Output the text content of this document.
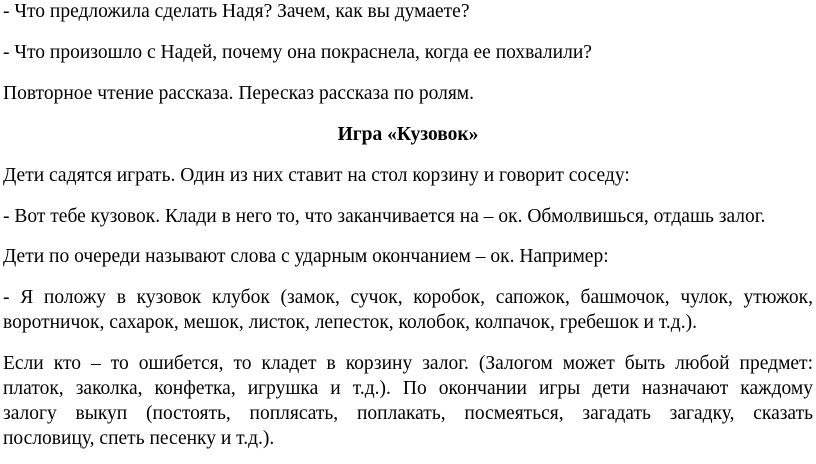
- Что предложила сделать Надя? Зачем, как вы думаете?

- Что произошло с Надей, почему она покраснела, когда ее похвалили?

Повторное чтение рассказа. Пересказ рассказа по ролям.

Игра «Кузовок»

Дети садятся играть. Один из них ставит на стол корзину и говорит соседу:

- Вот тебе кузовок. Клади в него то, что заканчивается на – ок. Обмолвишься, отдашь залог.

Дети по очереди называют слова с ударным окончанием – ок. Например:

- Я положу в кузовок клубок (замок, сучок, коробок, сапожок, башмочок, чулок, утюжок,
воротничок, сахарок, мешок, листок, лепесток, колобок, колпачок, гребешок и т.д.).
Если кто – то ошибется, то кладет в корзину залог. (Залогом может быть любой предмет:
платок, заколка, конфетка, игрушка и т.д.). По окончании игры дети назначают каждому
залогу выкуп (постоять, поплясать, поплакать, посмеяться, загадать загадку, сказать
пословицу, спеть песенку и т.д.).
